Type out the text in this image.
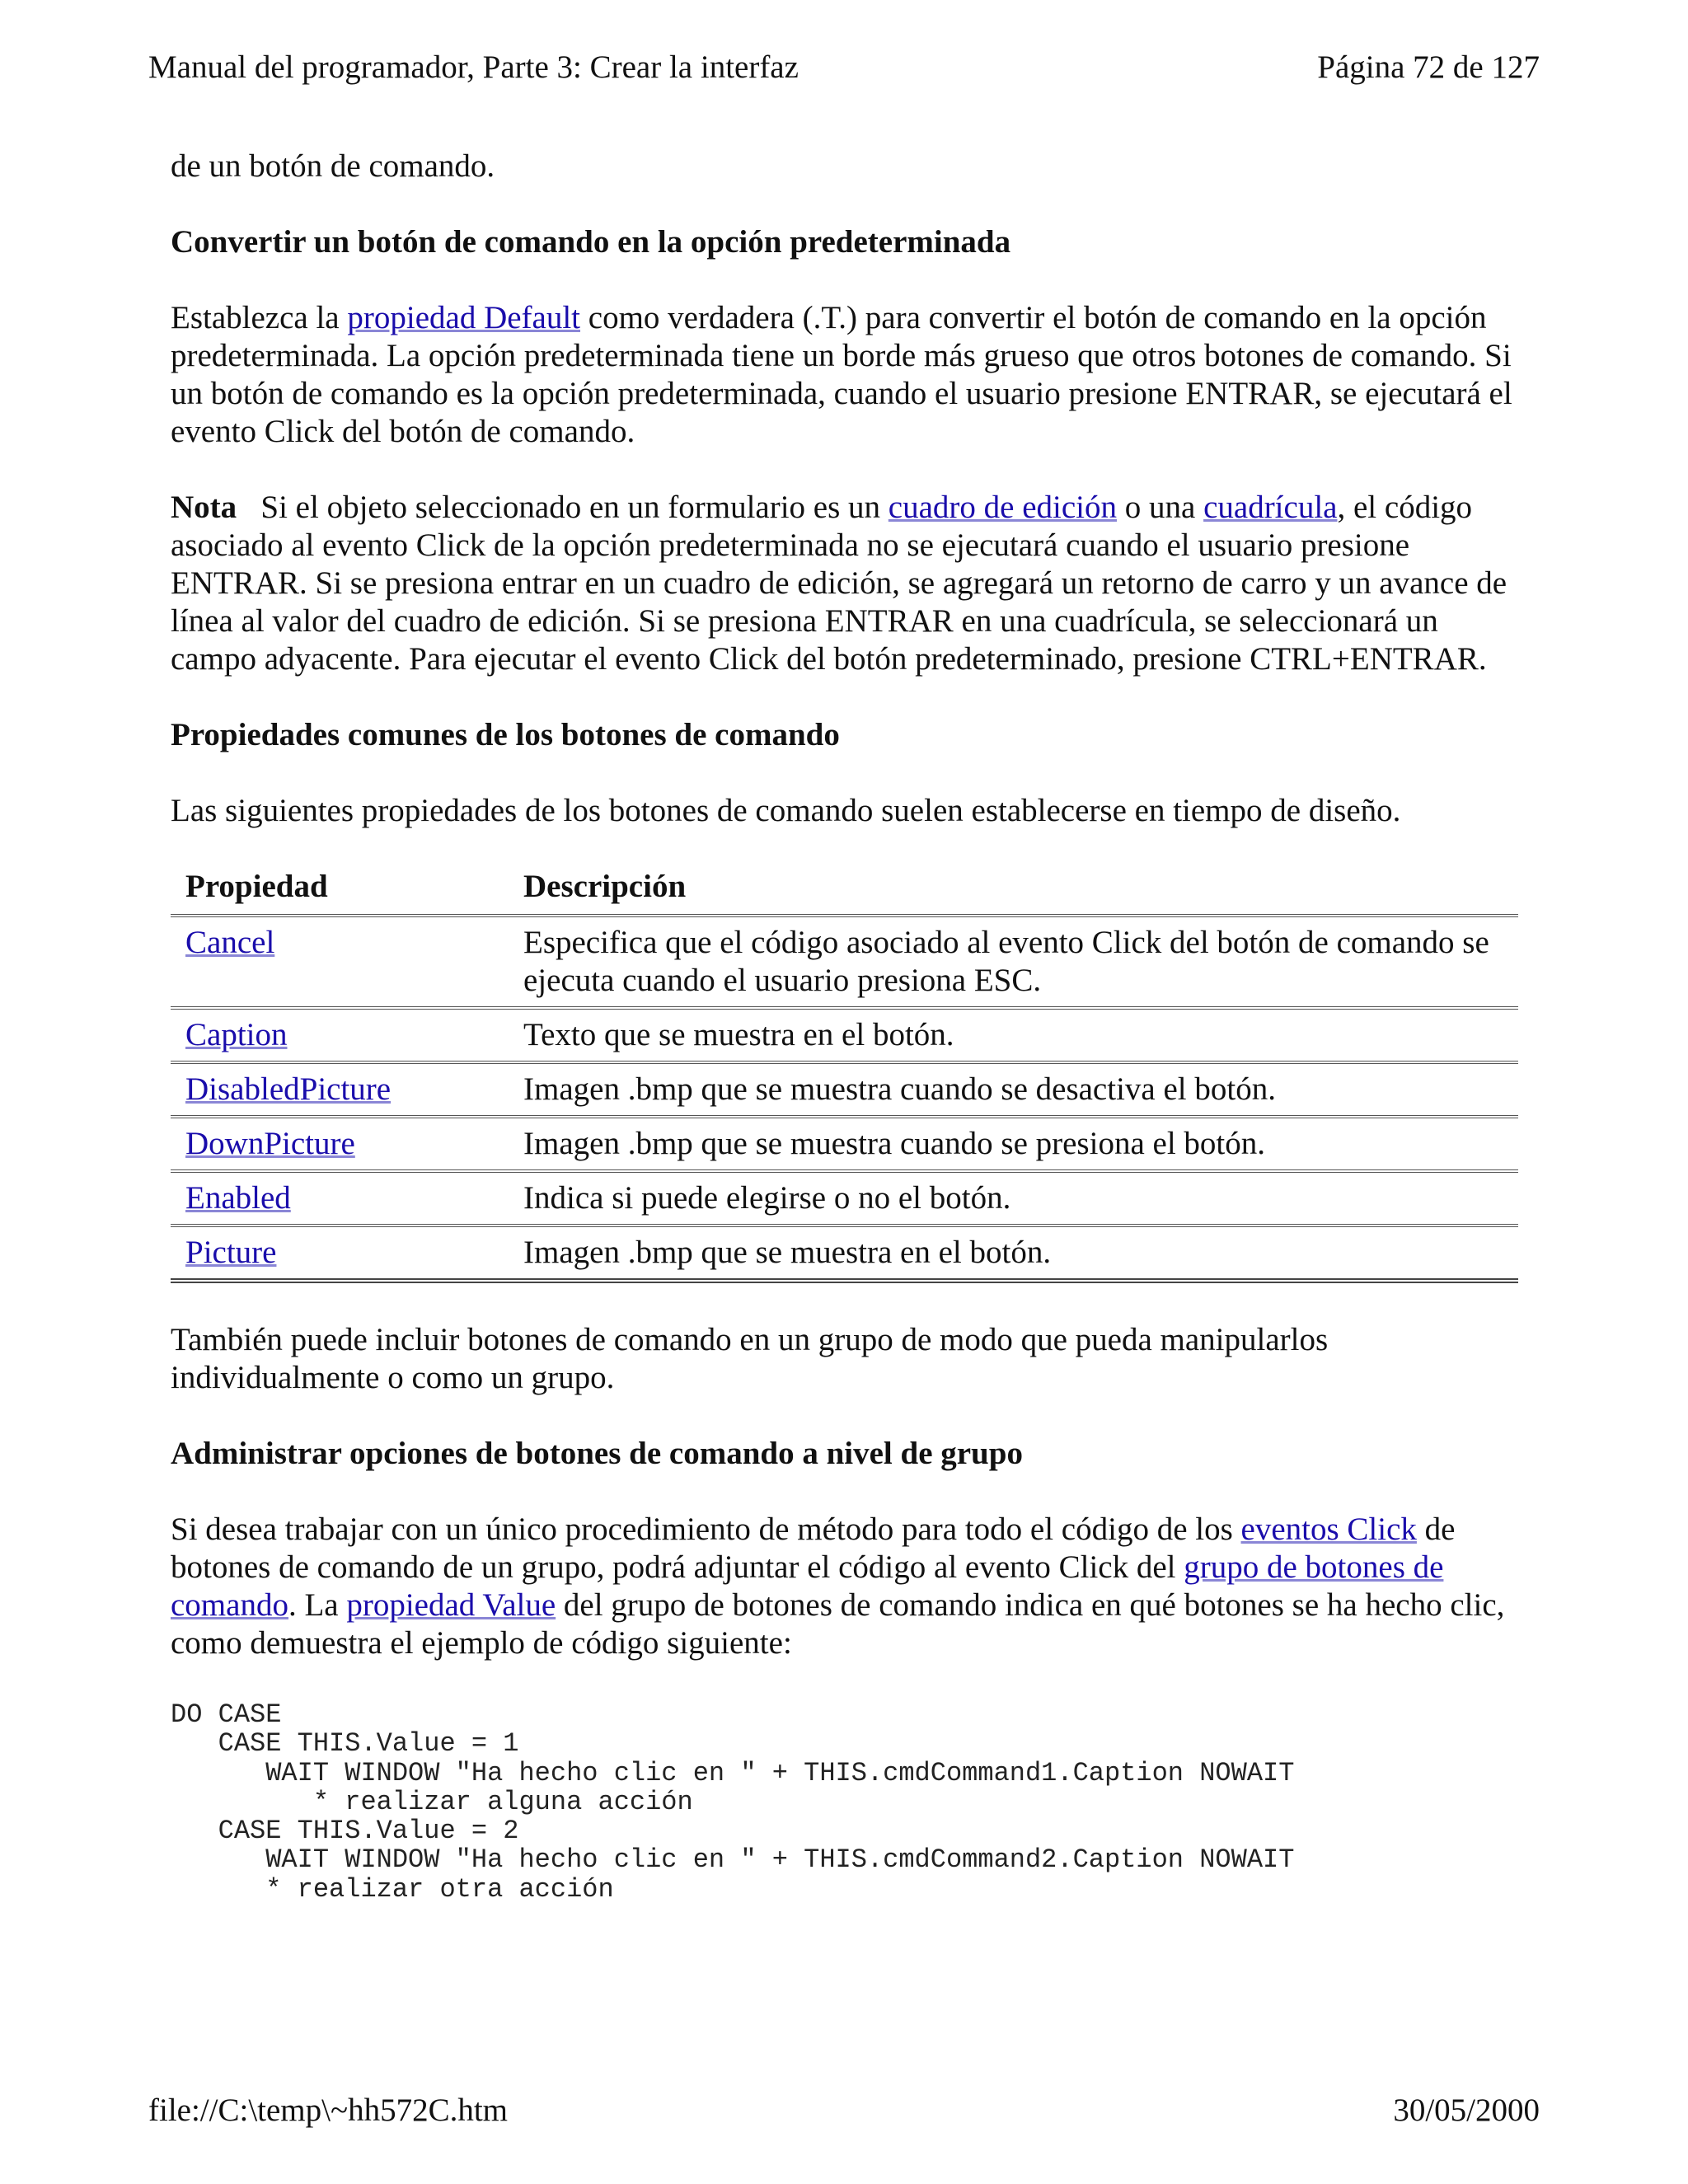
Manual del programador, Parte 3: Crear la interfaz	Página 72 de 127

de un botón de comando.

Convertir un botón de comando en la opción predeterminada

Establezca la propiedad Default como verdadera (.T.) para convertir el botón de comando en la opción predeterminada. La opción predeterminada tiene un borde más grueso que otros botones de comando. Si un botón de comando es la opción predeterminada, cuando el usuario presione ENTRAR, se ejecutará el evento Click del botón de comando.

Nota   Si el objeto seleccionado en un formulario es un cuadro de edición o una cuadrícula, el código asociado al evento Click de la opción predeterminada no se ejecutará cuando el usuario presione ENTRAR. Si se presiona entrar en un cuadro de edición, se agregará un retorno de carro y un avance de línea al valor del cuadro de edición. Si se presiona ENTRAR en una cuadrícula, se seleccionará un campo adyacente. Para ejecutar el evento Click del botón predeterminado, presione CTRL+ENTRAR.

Propiedades comunes de los botones de comando

Las siguientes propiedades de los botones de comando suelen establecerse en tiempo de diseño.

Propiedad	Descripción
Cancel	Especifica que el código asociado al evento Click del botón de comando se ejecuta cuando el usuario presiona ESC.
Caption	Texto que se muestra en el botón.
DisabledPicture	Imagen .bmp que se muestra cuando se desactiva el botón.
DownPicture	Imagen .bmp que se muestra cuando se presiona el botón.
Enabled	Indica si puede elegirse o no el botón.
Picture	Imagen .bmp que se muestra en el botón.

También puede incluir botones de comando en un grupo de modo que pueda manipularlos individualmente o como un grupo.

Administrar opciones de botones de comando a nivel de grupo

Si desea trabajar con un único procedimiento de método para todo el código de los eventos Click de botones de comando de un grupo, podrá adjuntar el código al evento Click del grupo de botones de comando. La propiedad Value del grupo de botones de comando indica en qué botones se ha hecho clic, como demuestra el ejemplo de código siguiente:

DO CASE
CASE THIS.Value = 1
WAIT WINDOW "Ha hecho clic en " + THIS.cmdCommand1.Caption NOWAIT
* realizar alguna acción
CASE THIS.Value = 2
WAIT WINDOW "Ha hecho clic en " + THIS.cmdCommand2.Caption NOWAIT
* realizar otra acción
file://C:\temp\~hh572C.htm	30/05/2000
